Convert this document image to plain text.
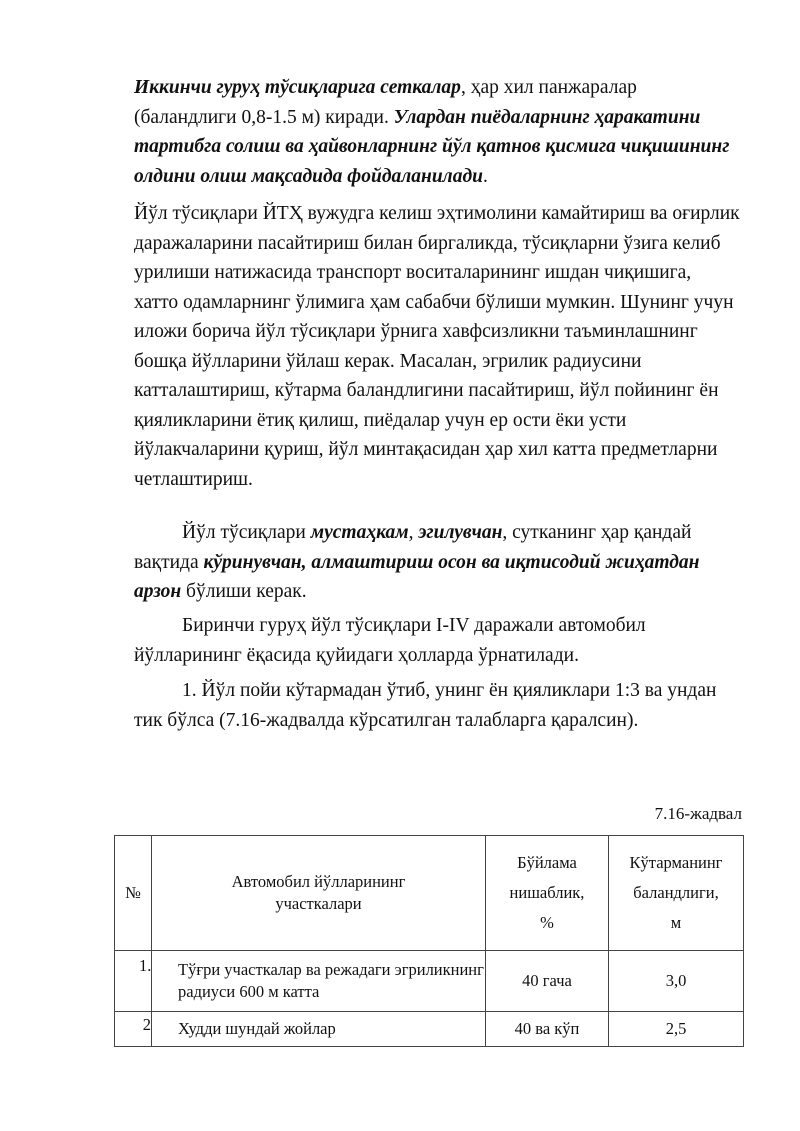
Иккинчи гуруҳ тўсиқларига сеткалар, ҳар хил панжаралар (баландлиги 0,8-1.5 м) киради. Улардан пиёдаларнинг ҳаракатини тартибга солиш ва ҳайвонларнинг йўл қатнов қисмига чиқишининг олдини олиш мақсадида фойдаланилади.

Йўл тўсиқлари ЙТҲ вужудга келиш эҳтимолини камайтириш ва оғирлик даражаларини пасайтириш билан биргаликда, тўсиқларни ўзига келиб урилиши натижасида транспорт воситаларининг ишдан чиқишига, хатто одамларнинг ўлимига ҳам сабабчи бўлиши мумкин. Шунинг учун иложи борича йўл тўсиқлари ўрнига хавфсизликни таъминлашнинг бошқа йўлларини ўйлаш керак. Масалан, эгрилик радиусини катталаштириш, кўтарма баландлигини пасайтириш, йўл пойининг ён қияликларини ётиқ қилиш, пиёдалар учун ер ости ёки усти йўлакчаларини қуриш, йўл минтақасидан ҳар хил катта предметларни четлаштириш.

Йўл тўсиқлари мустаҳкам, эгилувчан, сутканинг ҳар қандай вақтида кўринувчан, алмаштириш осон ва иқтисодий жиҳатдан арзон бўлиши керак.

Биринчи гуруҳ йўл тўсиқлари I-IV даражали автомобил йўлларининг ёқасида қуйидаги ҳолларда ўрнатилади.

1. Йўл пойи кўтармадан ўтиб, унинг ён қияликлари 1:3 ва ундан тик бўлса (7.16-жадвалда кўрсатилган талабларга қаралсин).

7.16-жадвал
№	Автомобил йўлларининг участкалари	Бўйлама нишаблик, %	Кўтарманинг баландлиги, м

1.	Тўғри участкалар ва режадаги эгриликнинг радиуси 600 м катта	40 гача	3,0
2	Худди шундай жойлар	40 ва кўп	2,5
